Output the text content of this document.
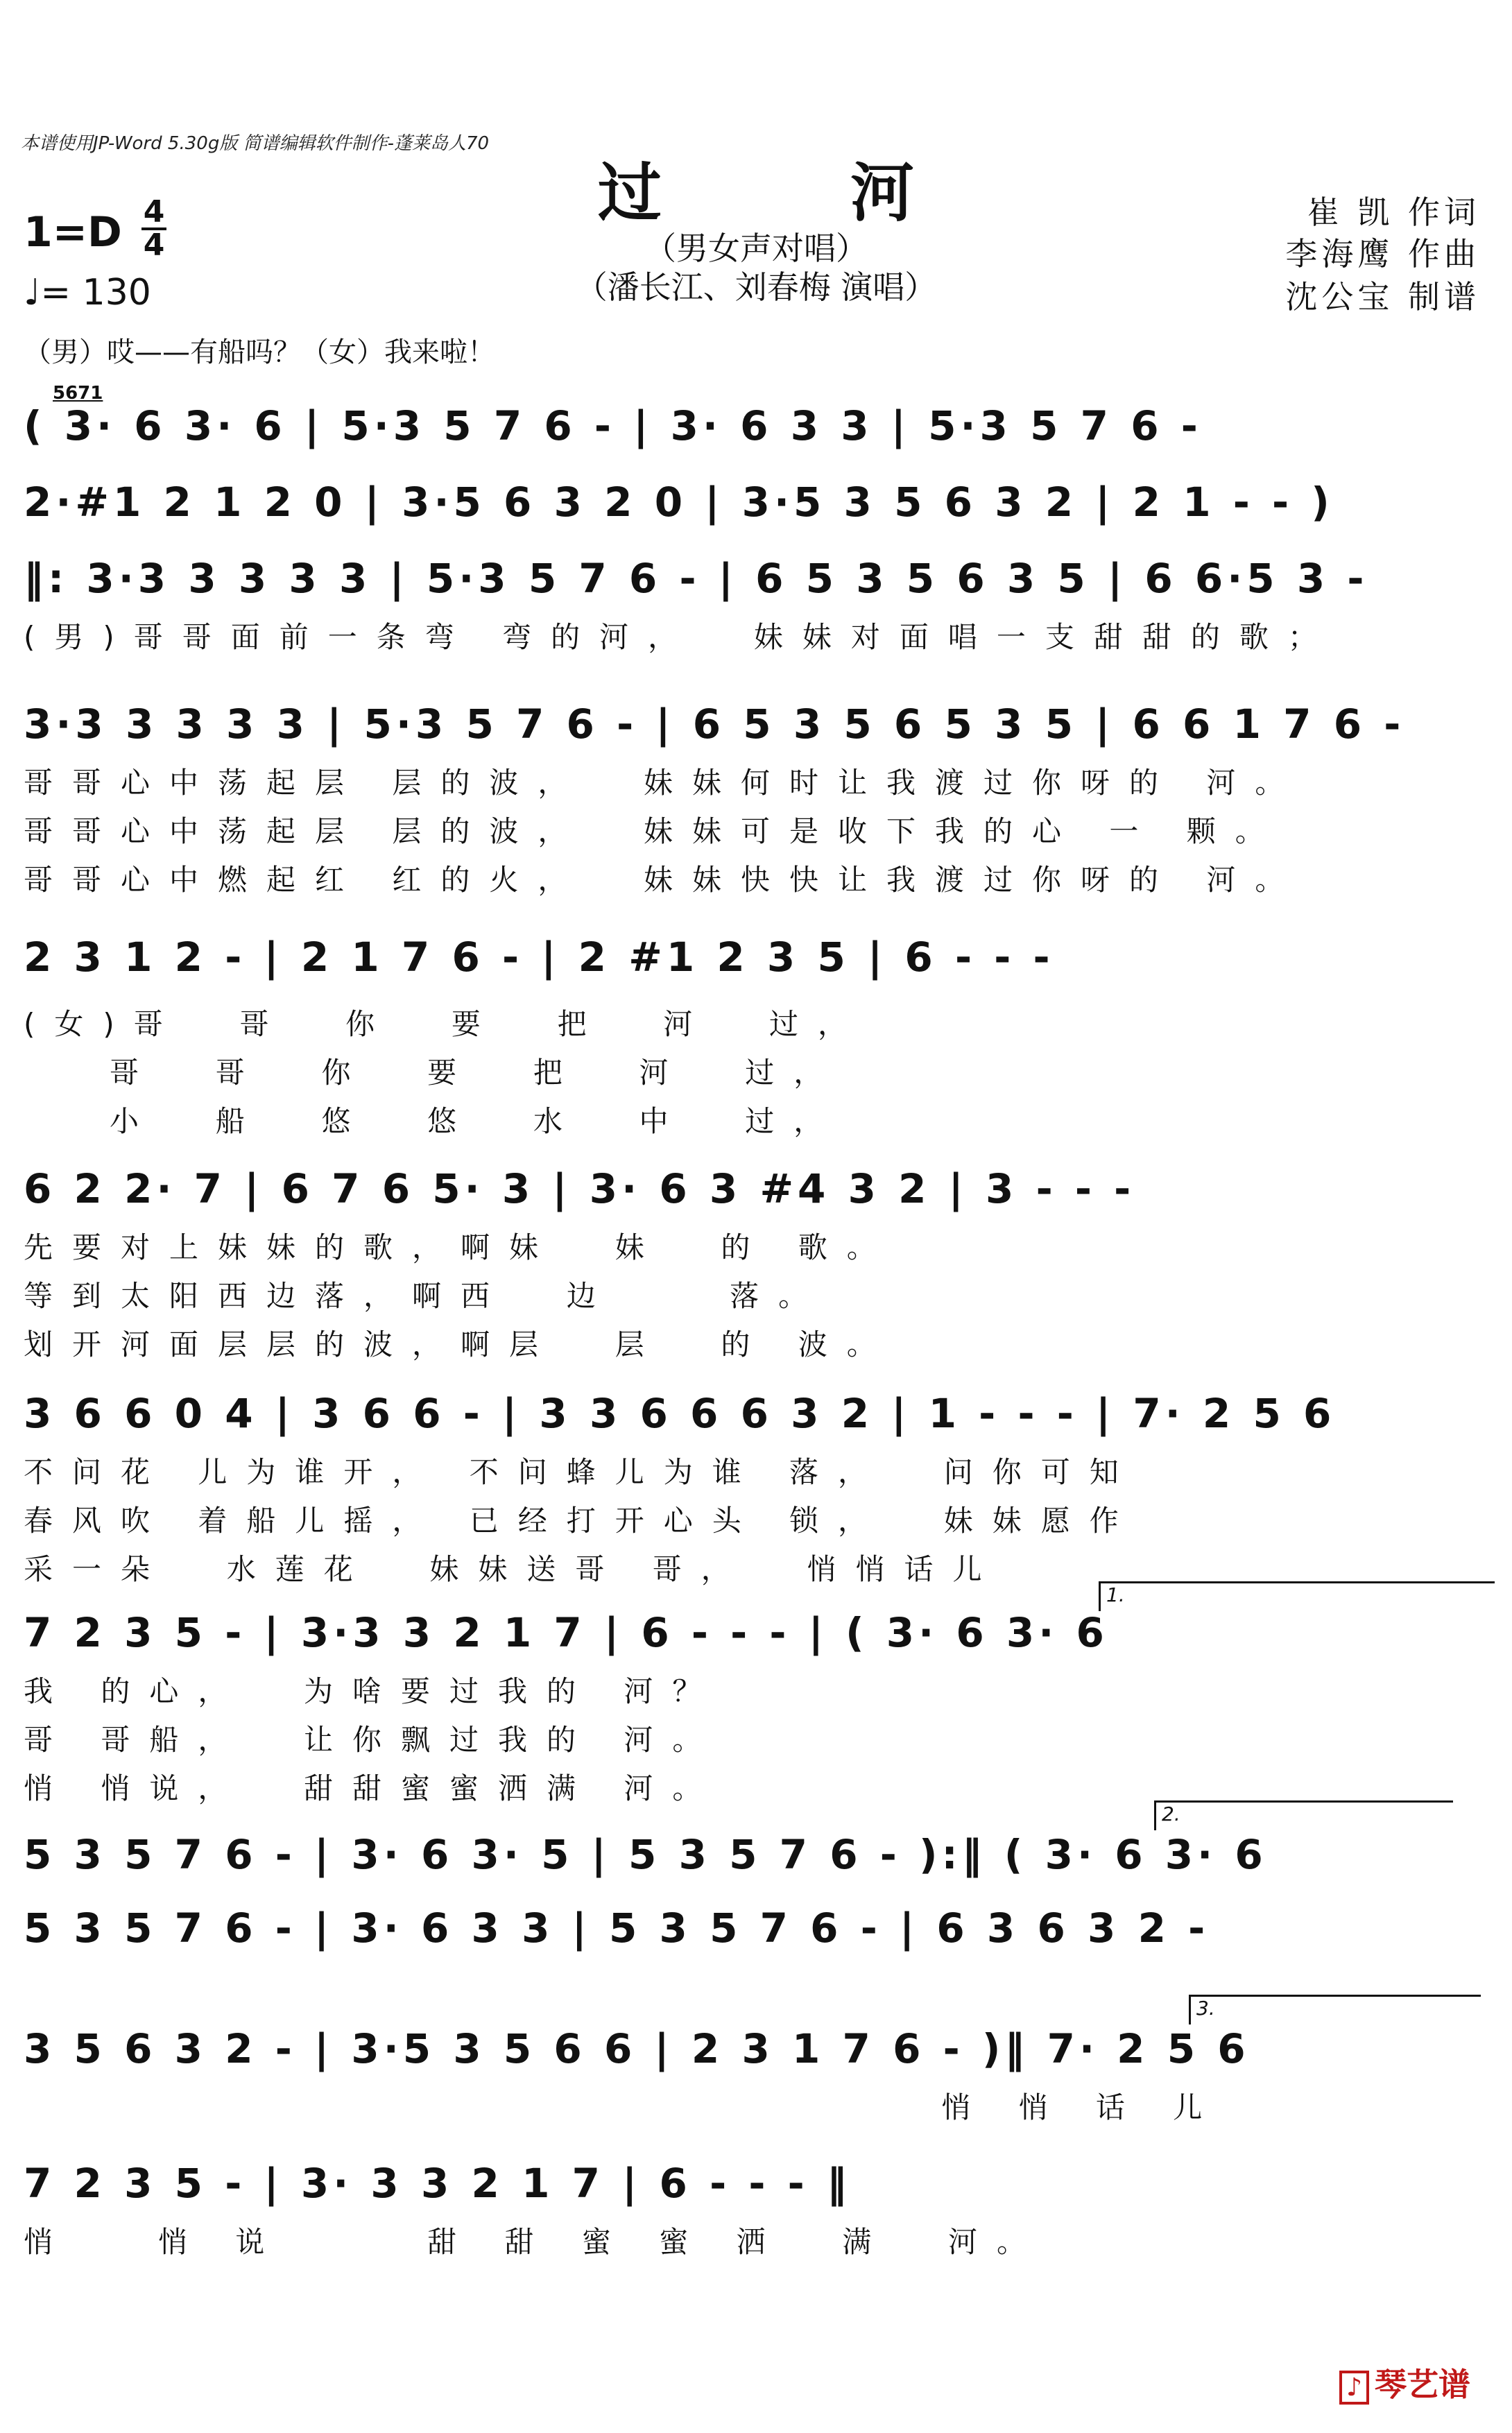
本谱使用JP-Word 5.30g版 简谱编辑软件制作-蓬莱岛人70
过 河
（男女声对唱）
（潘长江、刘春梅 演唱）
崔 凯 作词
李海鹰 作曲
沈公宝 制谱
1=D 4
4
♩= 130
（男）哎——有船吗？（女）我来啦！
5671
( 3· 6 3· 6 | 5·3 5 7 6 - | 3· 6 3 3 | 5·3 5 7 6 -
2·#1 2 1 2 0 | 3·5 6 3 2 0 | 3·5 3 5 6 3 2 | 2 1 - - )
‖: 3·3 3 3 3 3 | 5·3 5 7 6 - | 6 5 3 5 6 3 5 | 6 6·5 3 -
(男)哥哥面前一条弯 弯的河，  妹妹对面唱一支甜甜的歌；
3·3 3 3 3 3 | 5·3 5 7 6 - | 6 5 3 5 6 5 3 5 | 6 6 1 7 6 -
哥哥心中荡起层 层的波，  妹妹何时让我渡过你呀的 河。
哥哥心中荡起层 层的波，  妹妹可是收下我的心 一 颗。
哥哥心中燃起红 红的火，  妹妹快快让我渡过你呀的 河。
2 3 1 2 - | 2 1 7 6 - | 2 #1 2 3 5 | 6 - - -
(女)哥  哥  你  要  把  河  过，
哥  哥  你  要  把  河  过，
小  船  悠  悠  水  中  过，
6 2 2· 7 | 6 7 6 5· 3 | 3· 6 3 #4 3 2 | 3 - - -
先要对上妹妹的歌，啊妹  妹  的 歌。
等到太阳西边落，啊西  边    落。
划开河面层层的波，啊层  层  的 波。
3 6 6 0 4 | 3 6 6 - | 3 3 6 6 6 3 2 | 1 - - - | 7· 2 5 6
不问花 儿为谁开， 不问蜂儿为谁 落，  问你可知
春风吹 着船儿摇， 已经打开心头 锁，  妹妹愿作
采一朵  水莲花  妹妹送哥 哥，  悄悄话儿
1.
7 2 3 5 - | 3·3 3 2 1 7 | 6 - - - | ( 3· 6 3· 6
我 的心，  为啥要过我的 河？
哥 哥船，  让你飘过我的 河。
悄 悄说，  甜甜蜜蜜洒满 河。
2.
5 3 5 7 6 - | 3· 6 3· 5 | 5 3 5 7 6 - ):‖ ( 3· 6 3· 6
5 3 5 7 6 - | 3· 6 3 3 | 5 3 5 7 6 - | 6 3 6 3 2 -
3.
3 5 6 3 2 - | 3·5 3 5 6 6 | 2 3 1 7 6 - )‖ 7· 2 5 6
悄 悄 话 儿
7 2 3 5 - | 3· 3 3 2 1 7 | 6 - - - ‖
悄   悄 说     甜 甜 蜜 蜜 洒  满  河。
♪ 琴艺谱
